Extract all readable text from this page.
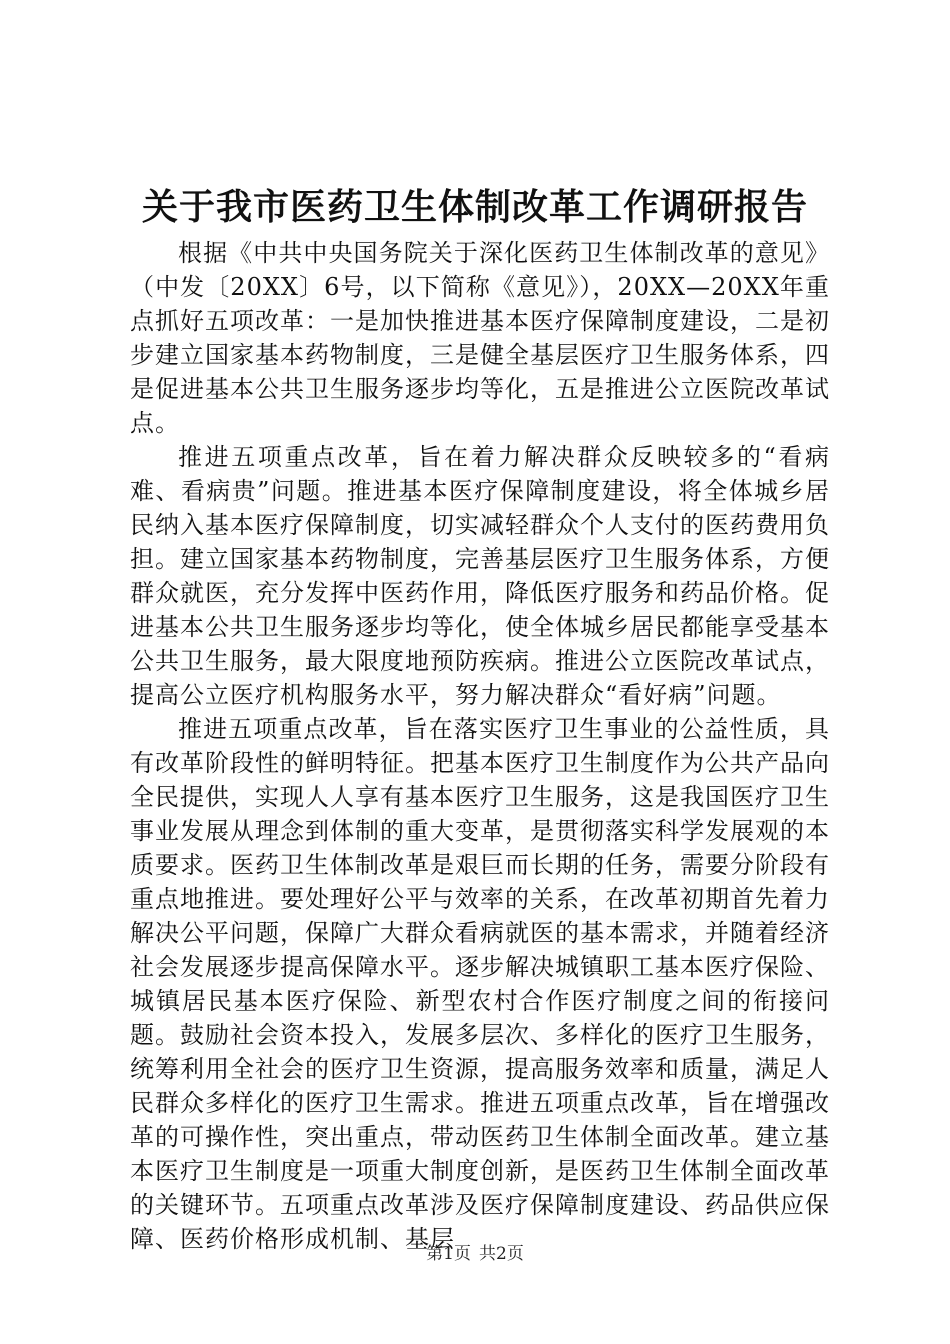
关于我市医药卫生体制改革工作调研报告

根据《中共中央国务院关于深化医药卫生体制改革的意见》（中发〔20XX〕6号，以下简称《意见》），20XX—20XX年重点抓好五项改革：一是加快推进基本医疗保障制度建设，二是初步建立国家基本药物制度，三是健全基层医疗卫生服务体系，四是促进基本公共卫生服务逐步均等化，五是推进公立医院改革试点。

推进五项重点改革，旨在着力解决群众反映较多的“看病难、看病贵”问题。推进基本医疗保障制度建设，将全体城乡居民纳入基本医疗保障制度，切实减轻群众个人支付的医药费用负担。建立国家基本药物制度，完善基层医疗卫生服务体系，方便群众就医，充分发挥中医药作用，降低医疗服务和药品价格。促进基本公共卫生服务逐步均等化，使全体城乡居民都能享受基本公共卫生服务，最大限度地预防疾病。推进公立医院改革试点，提高公立医疗机构服务水平，努力解决群众“看好病”问题。

推进五项重点改革，旨在落实医疗卫生事业的公益性质，具有改革阶段性的鲜明特征。把基本医疗卫生制度作为公共产品向全民提供，实现人人享有基本医疗卫生服务，这是我国医疗卫生事业发展从理念到体制的重大变革，是贯彻落实科学发展观的本质要求。医药卫生体制改革是艰巨而长期的任务，需要分阶段有重点地推进。要处理好公平与效率的关系，在改革初期首先着力解决公平问题，保障广大群众看病就医的基本需求，并随着经济社会发展逐步提高保障水平。逐步解决城镇职工基本医疗保险、城镇居民基本医疗保险、新型农村合作医疗制度之间的衔接问题。鼓励社会资本投入，发展多层次、多样化的医疗卫生服务，统筹利用全社会的医疗卫生资源，提高服务效率和质量，满足人民群众多样化的医疗卫生需求。推进五项重点改革，旨在增强改革的可操作性，突出重点，带动医药卫生体制全面改革。建立基本医疗卫生制度是一项重大制度创新，是医药卫生体制全面改革的关键环节。五项重点改革涉及医疗保障制度建设、药品供应保障、医药价格形成机制、基层

第1页 共2页
